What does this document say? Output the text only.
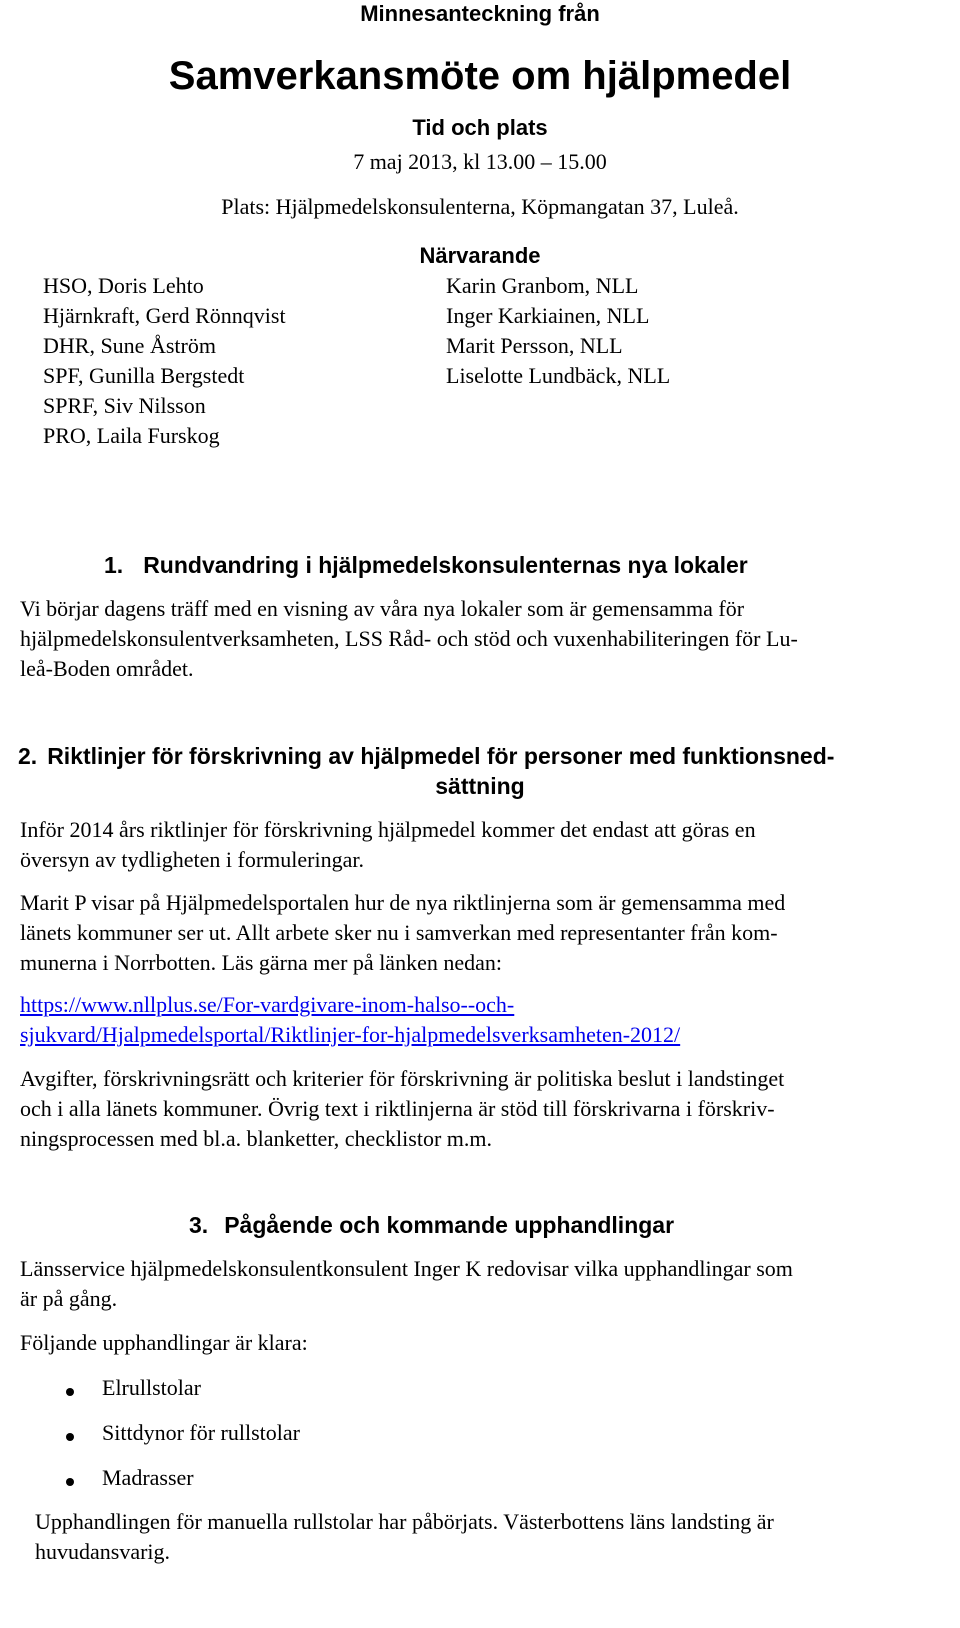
Minnesanteckning från
Samverkansmöte om hjälpmedel
Tid och plats
7 maj 2013, kl 13.00 – 15.00
Plats: Hjälpmedelskonsulenterna, Köpmangatan 37, Luleå.
Närvarande
HSO, Doris Lehto
Hjärnkraft, Gerd Rönnqvist
DHR, Sune Åström
SPF, Gunilla Bergstedt
SPRF, Siv Nilsson
PRO, Laila Furskog
Karin Granbom, NLL
Inger Karkiainen, NLL
Marit Persson, NLL
Liselotte Lundbäck, NLL
1. Rundvandring i hjälpmedelskonsulenternas nya lokaler
Vi börjar dagens träff med en visning av våra nya lokaler som är gemensamma för
hjälpmedelskonsulentverksamheten, LSS Råd- och stöd och vuxenhabiliteringen för Lu-
leå-Boden området.
2. Riktlinjer för förskrivning av hjälpmedel för personer med funktionsned-
sättning
Inför 2014 års riktlinjer för förskrivning hjälpmedel kommer det endast att göras en
översyn av tydligheten i formuleringar.
Marit P visar på Hjälpmedelsportalen hur de nya riktlinjerna som är gemensamma med
länets kommuner ser ut. Allt arbete sker nu i samverkan med representanter från kom-
munerna i Norrbotten. Läs gärna mer på länken nedan:
https://www.nllplus.se/For-vardgivare-inom-halso--och-
sjukvard/Hjalpmedelsportal/Riktlinjer-for-hjalpmedelsverksamheten-2012/
Avgifter, förskrivningsrätt och kriterier för förskrivning är politiska beslut i landstinget
och i alla länets kommuner. Övrig text i riktlinjerna är stöd till förskrivarna i förskriv-
ningsprocessen med bl.a. blanketter, checklistor m.m.
3. Pågående och kommande upphandlingar
Länsservice hjälpmedelskonsulentkonsulent Inger K redovisar vilka upphandlingar som
är på gång.
Följande upphandlingar är klara:
Elrullstolar
Sittdynor för rullstolar
Madrasser
Upphandlingen för manuella rullstolar har påbörjats. Västerbottens läns landsting är
huvudansvarig.
